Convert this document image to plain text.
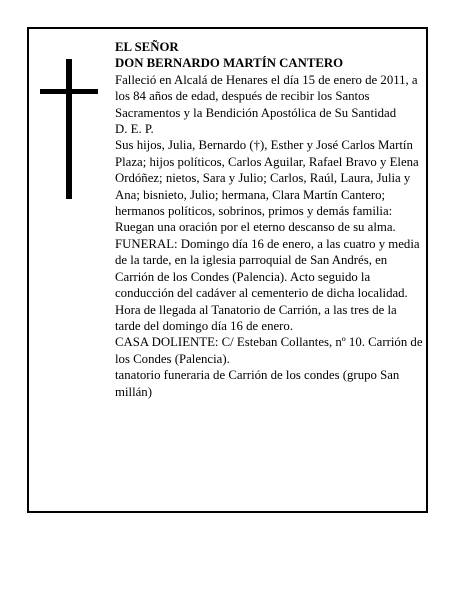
EL SEÑOR

DON BERNARDO MARTÍN CANTERO

Falleció en Alcalá de Henares el día 15 de enero de 2011, a los 84 años de edad, después de recibir los Santos Sacramentos y la Bendición Apostólica de Su Santidad

D. E. P.

Sus hijos, Julia, Bernardo (†), Esther y José Carlos Martín Plaza; hijos políticos, Carlos Aguilar, Rafael Bravo y Elena Ordóñez; nietos, Sara y Julio; Carlos, Raúl, Laura, Julia y Ana; bisnieto, Julio; hermana, Clara Martín Cantero; hermanos políticos, sobrinos, primos y demás familia:

Ruegan una oración por el eterno descanso de su alma.

FUNERAL: Domingo día 16 de enero, a las cuatro y media de la tarde, en la iglesia parroquial de San Andrés, en Carrión de los Condes (Palencia). Acto seguido la conducción del cadáver al cementerio de dicha localidad.

Hora de llegada al Tanatorio de Carrión, a las tres de la tarde del domingo día 16 de enero.

CASA DOLIENTE: C/ Esteban Collantes, nº 10. Carrión de los Condes (Palencia).

tanatorio funeraria de Carrión de los condes (grupo San millán)
